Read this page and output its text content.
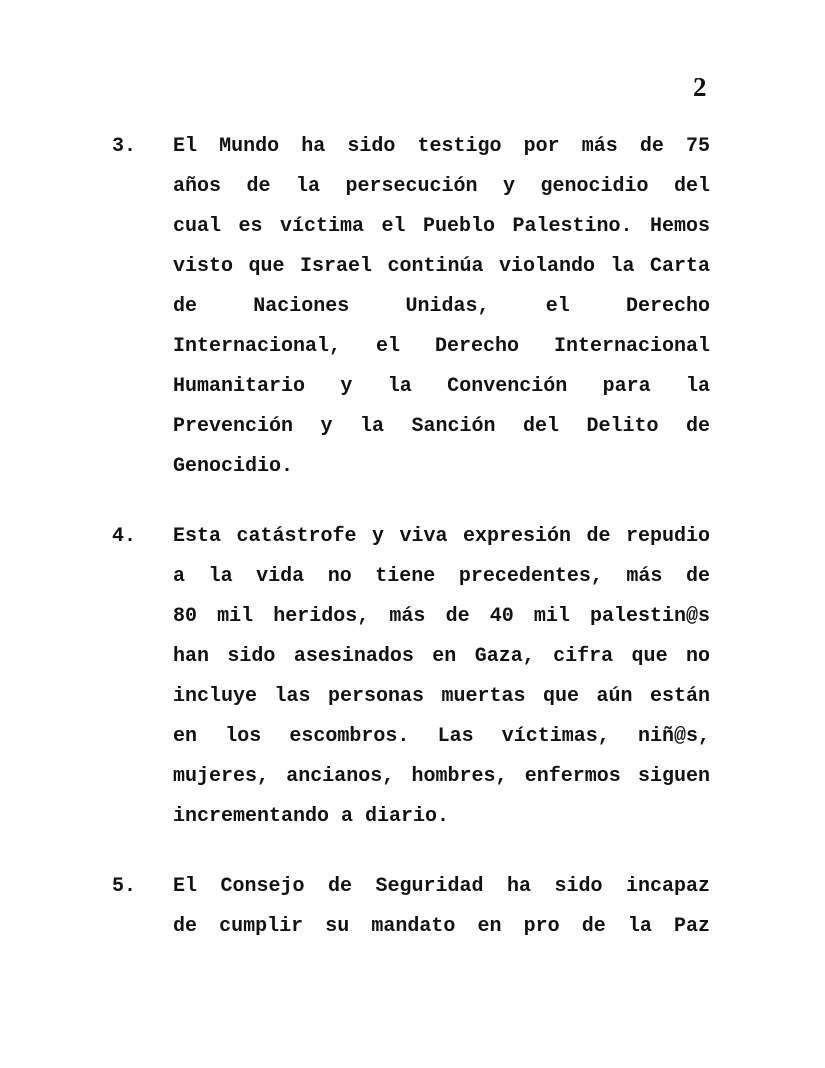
2
3.	El Mundo ha sido testigo por más de 75
años de la persecución y genocidio del
cual es víctima el Pueblo Palestino. Hemos
visto que Israel continúa violando la Carta
de Naciones Unidas, el Derecho
Internacional, el Derecho Internacional
Humanitario y la Convención para la
Prevención y la Sanción del Delito de
Genocidio.
4.	Esta catástrofe y viva expresión de repudio
a la vida no tiene precedentes, más de
80 mil heridos, más de 40 mil palestin@s
han sido asesinados en Gaza, cifra que no
incluye las personas muertas que aún están
en los escombros. Las víctimas, niñ@s,
mujeres, ancianos, hombres, enfermos siguen
incrementando a diario.
5.	El Consejo de Seguridad ha sido incapaz
de cumplir su mandato en pro de la Paz
